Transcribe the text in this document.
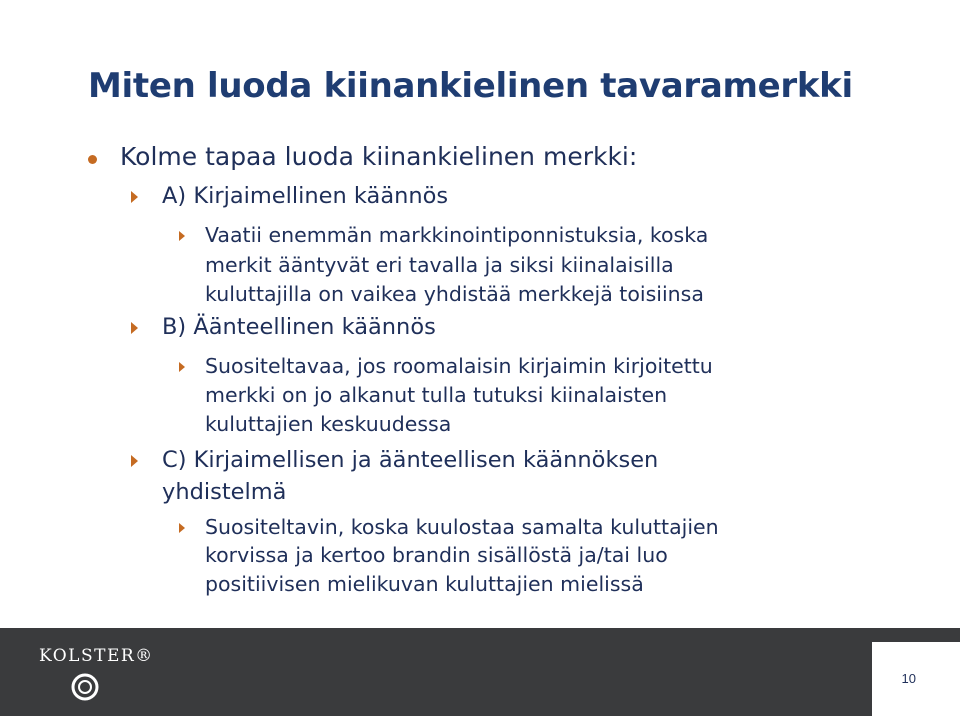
Miten luoda kiinankielinen tavaramerkki
Kolme tapaa luoda kiinankielinen merkki:
A) Kirjaimellinen käännös
Vaatii enemmän markkinointiponnistuksia, koska
merkit ääntyvät eri tavalla ja siksi kiinalaisilla
kuluttajilla on vaikea yhdistää merkkejä toisiinsa
B) Äänteellinen käännös
Suositeltavaa, jos roomalaisin kirjaimin kirjoitettu
merkki on jo alkanut tulla tutuksi kiinalaisten
kuluttajien keskuudessa
C) Kirjaimellisen ja äänteellisen käännöksen
yhdistelmä
Suositeltavin, koska kuulostaa samalta kuluttajien
korvissa ja kertoo brandin sisällöstä ja/tai luo
positiivisen mielikuvan kuluttajien mielissä
KOLSTER®
10
